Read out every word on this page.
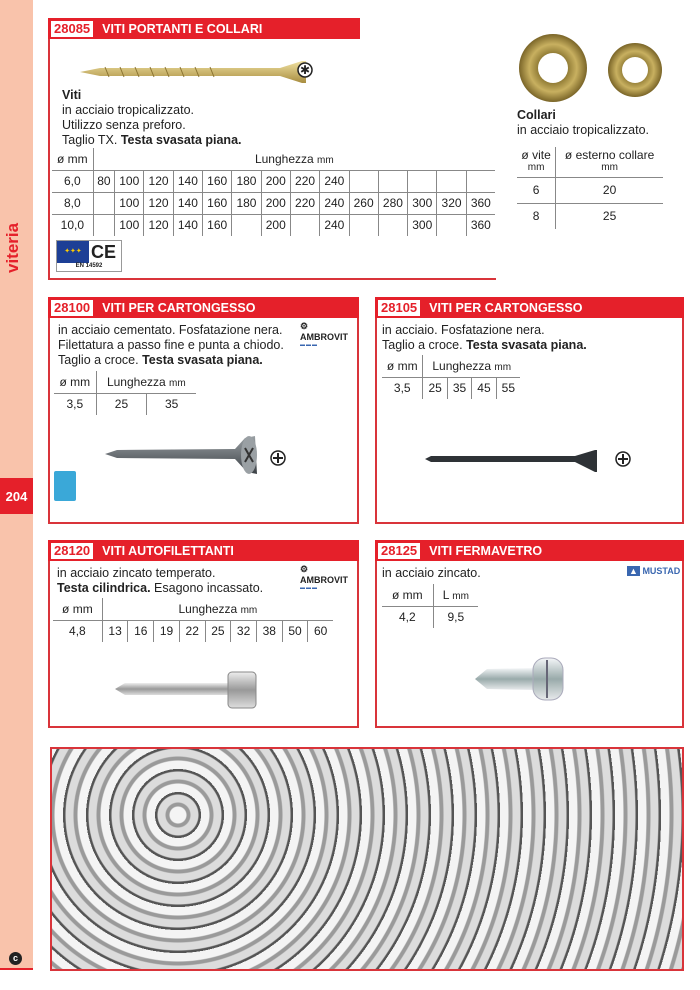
viteria
204
c
28085 VITI PORTANTI E COLLARI
✱
Viti
in acciaio tropicalizzato.
Utilizzo senza preforo.
Taglio TX. Testa svasata piana.
ø mm	Lunghezza mm													
6,0	80	100	120	140	160	180	200	220	240					
8,0		100	120	140	160	180	200	220	240	260	280	300	320	360
10,0		100	120	140	160		200		240			300		360
✦✦✦ CE
EN 14592
Collari
in acciaio tropicalizzato.
ø vite
mm	ø esterno collare
mm
6	20
8	25
28100 VITI PER CARTONGESSO
in acciaio cementato. Fosfatazione nera.
Filettatura a passo fine e punta a chiodo.
Taglio a croce. Testa svasata piana.
⚙ AMBROVIT
▬▬▬
ø mm	Lunghezza mm	
3,5	25	35
28105 VITI PER CARTONGESSO
in acciaio. Fosfatazione nera.
Taglio a croce. Testa svasata piana.
ø mm	Lunghezza mm			
3,5	25	35	45	55
28120 VITI AUTOFILETTANTI
in acciaio zincato temperato.
Testa cilindrica. Esagono incassato.
⚙ AMBROVIT
▬▬▬
ø mm	Lunghezza mm								
4,8	13	16	19	22	25	32	38	50	60
28125 VITI FERMAVETRO
in acciaio zincato.	▲ MUSTAD
ø mm	L mm
4,2	9,5
